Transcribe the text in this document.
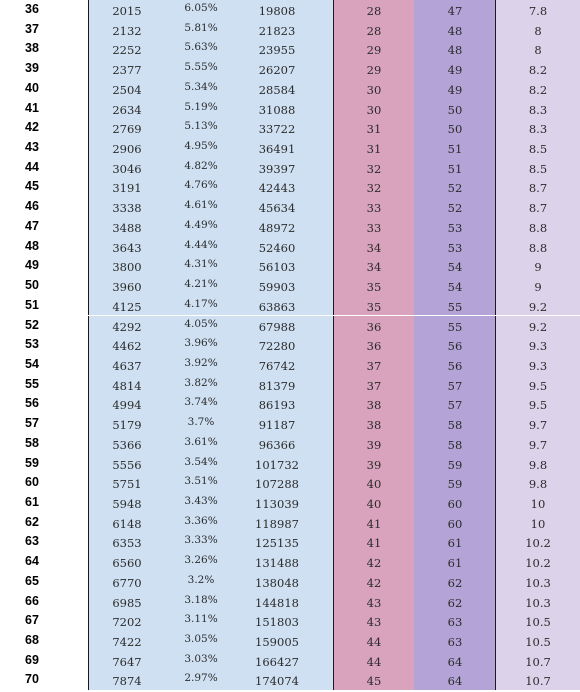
36	2015	6.05%	19808	28	47	7.8
37	2132	5.81%	21823	28	48	8
38	2252	5.63%	23955	29	48	8
39	2377	5.55%	26207	29	49	8.2
40	2504	5.34%	28584	30	49	8.2
41	2634	5.19%	31088	30	50	8.3
42	2769	5.13%	33722	31	50	8.3
43	2906	4.95%	36491	31	51	8.5
44	3046	4.82%	39397	32	51	8.5
45	3191	4.76%	42443	32	52	8.7
46	3338	4.61%	45634	33	52	8.7
47	3488	4.49%	48972	33	53	8.8
48	3643	4.44%	52460	34	53	8.8
49	3800	4.31%	56103	34	54	9
50	3960	4.21%	59903	35	54	9
51	4125	4.17%	63863	35	55	9.2
52	4292	4.05%	67988	36	55	9.2
53	4462	3.96%	72280	36	56	9.3
54	4637	3.92%	76742	37	56	9.3
55	4814	3.82%	81379	37	57	9.5
56	4994	3.74%	86193	38	57	9.5
57	5179	3.7%	91187	38	58	9.7
58	5366	3.61%	96366	39	58	9.7
59	5556	3.54%	101732	39	59	9.8
60	5751	3.51%	107288	40	59	9.8
61	5948	3.43%	113039	40	60	10
62	6148	3.36%	118987	41	60	10
63	6353	3.33%	125135	41	61	10.2
64	6560	3.26%	131488	42	61	10.2
65	6770	3.2%	138048	42	62	10.3
66	6985	3.18%	144818	43	62	10.3
67	7202	3.11%	151803	43	63	10.5
68	7422	3.05%	159005	44	63	10.5
69	7647	3.03%	166427	44	64	10.7
70	7874	2.97%	174074	45	64	10.7
